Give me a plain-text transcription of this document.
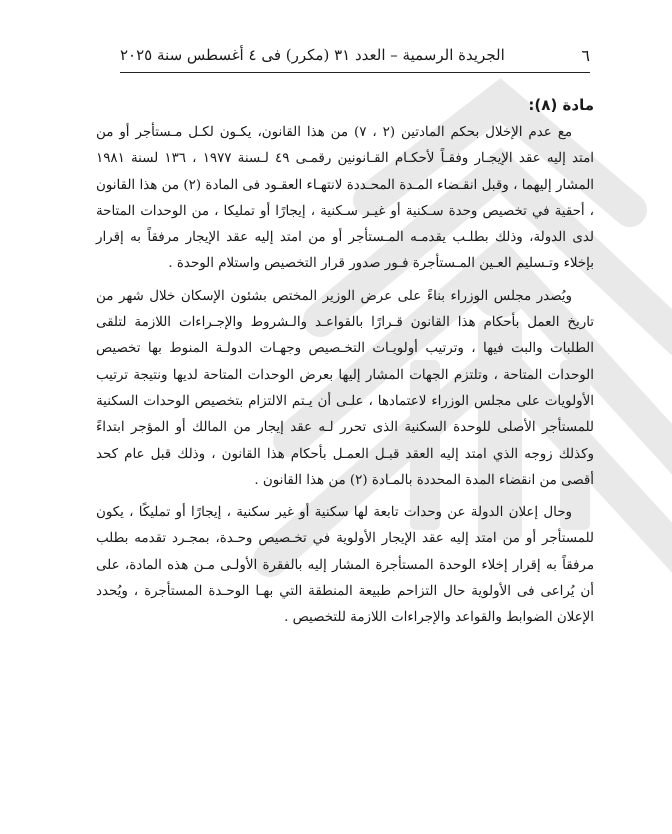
٦
الجريدة الرسمية – العدد ٣١ (مكرر) فى ٤ أغسطس سنة ٢٠٢٥
مادة (٨):

مع عدم الإخلال بحكم المادتين (٢ ، ٧) من هذا القانون، يكـون لكـل مـستأجر أو من امتد إليه عقد الإيجـار وفقـاً لأحكـام القـانونين رقمـى ٤٩ لـسنة ١٩٧٧ ، ١٣٦ لسنة ١٩٨١ المشار إليهما ، وقبل انقـضاء المـدة المحـددة لانتهـاء العقـود فى المادة (٢) من هذا القانون ، أحقية في تخصيص وحدة سـكنية أو غيـر سـكنية ، إيجارًا أو تمليكا ، من الوحدات المتاحة لدى الدولة، وذلك بطلـب يقدمـه المـستأجر أو من امتد إليه عقد الإيجار مرفقاً به إقرار بإخلاء وتـسليم العـين المـستأجرة فـور صدور قرار التخصيص واستلام الوحدة .

ويُصدر مجلس الوزراء بناءً على عرض الوزير المختص بشئون الإسكان خلال شهر من تاريخ العمل بأحكام هذا القانون قـرارًا بالقواعـد والـشروط والإجـراءات اللازمة لتلقى الطلبات والبت فيها ، وترتيب أولويـات التخـصيص وجهـات الدولـة المنوط بها تخصيص الوحدات المتاحة ، وتلتزم الجهات المشار إليها بعرض الوحدات المتاحة لديها ونتيجة ترتيب الأولويات على مجلس الوزراء لاعتمادها ، علـى أن يـتم الالتزام بتخصيص الوحدات السكنية للمستأجر الأصلى للوحدة السكنية الذى تحرر لـه عقد إيجار من المالك أو المؤجر ابتداءً وكذلك زوجه الذي امتد إليه العقد قبـل العمـل بأحكام هذا القانون ، وذلك قبل عام كحد أقصى من انقضاء المدة المحددة بالمـادة (٢) من هذا القانون .

وحال إعلان الدولة عن وحدات تابعة لها سكنية أو غير سكنية ، إيجارًا أو تمليكًا ، يكون للمستأجر أو من امتد إليه عقد الإيجار الأولوية في تخـصيص وحـدة، بمجـرد تقدمه بطلب مرفقاً به إقرار إخلاء الوحدة المستأجرة المشار إليه بالفقرة الأولـى مـن هذه المادة، على أن يُراعى فى الأولوية حال التزاحم طبيعة المنطقة التي بهـا الوحـدة المستأجرة ، ويُحدد الإعلان الضوابط والقواعد والإجراءات اللازمة للتخصيص .
